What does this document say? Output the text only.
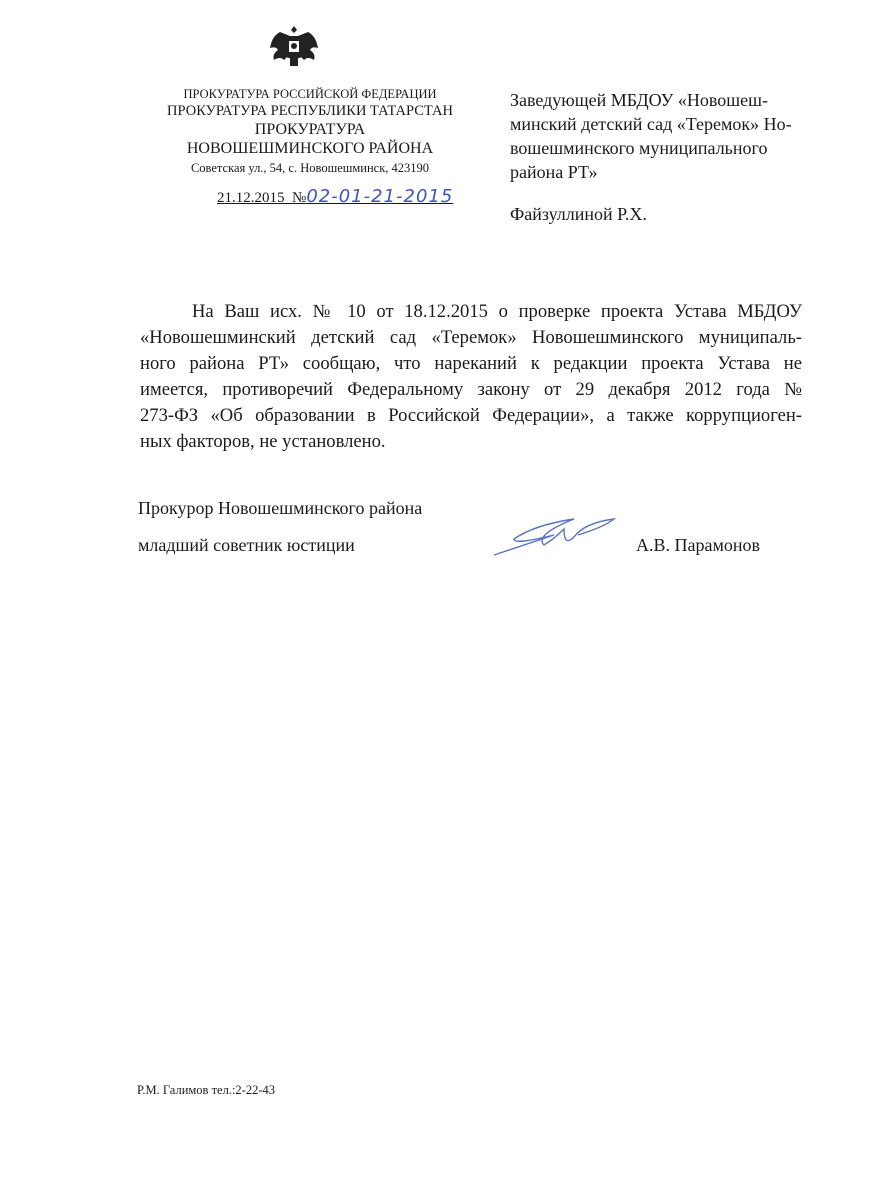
ПРОКУРАТУРА РОССИЙСКОЙ ФЕДЕРАЦИИ
ПРОКУРАТУРА РЕСПУБЛИКИ ТАТАРСТАН
ПРОКУРАТУРА
НОВОШЕШМИНСКОГО РАЙОНА
Советская ул., 54, с. Новошешминск, 423190
21.12.2015 №02-01-21-2015
Заведующей МБДОУ «Новошеш-
минский детский сад «Теремок» Но-
вошешминского муниципального
района РТ»
Файзуллиной Р.Х.
На Ваш исх. № 10 от 18.12.2015 о проверке проекта Устава МБДОУ
«Новошешминский детский сад «Теремок» Новошешминского муниципаль-
ного района РТ» сообщаю, что нареканий к редакции проекта Устава не
имеется, противоречий Федеральному закону от 29 декабря 2012 года №
273-ФЗ «Об образовании в Российской Федерации», а также коррупциоген-
ных факторов, не установлено.
Прокурор Новошешминского района
младший советник юстиции	А.В. Парамонов
Р.М. Галимов тел.:2-22-43
